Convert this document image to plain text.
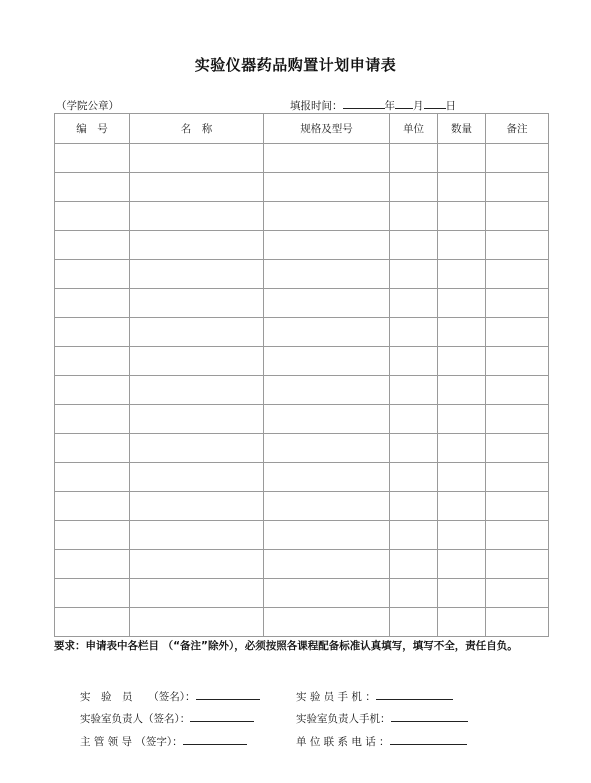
实验仪器药品购置计划申请表
（学院公章）	填报时间：	年 月 日
编　号	名　称	规格及型号	单位	数量	备注

要求：申请表中各栏目 （“备注”除外），必须按照各课程配备标准认真填写，填写不全，责任自负。
实　验　员　　（签名）：	实 验 员 手 机 ：
实验室负责人（签名）：	实验室负责人手机：
主 管 领 导 （签字）：	单 位 联 系 电 话 ：
